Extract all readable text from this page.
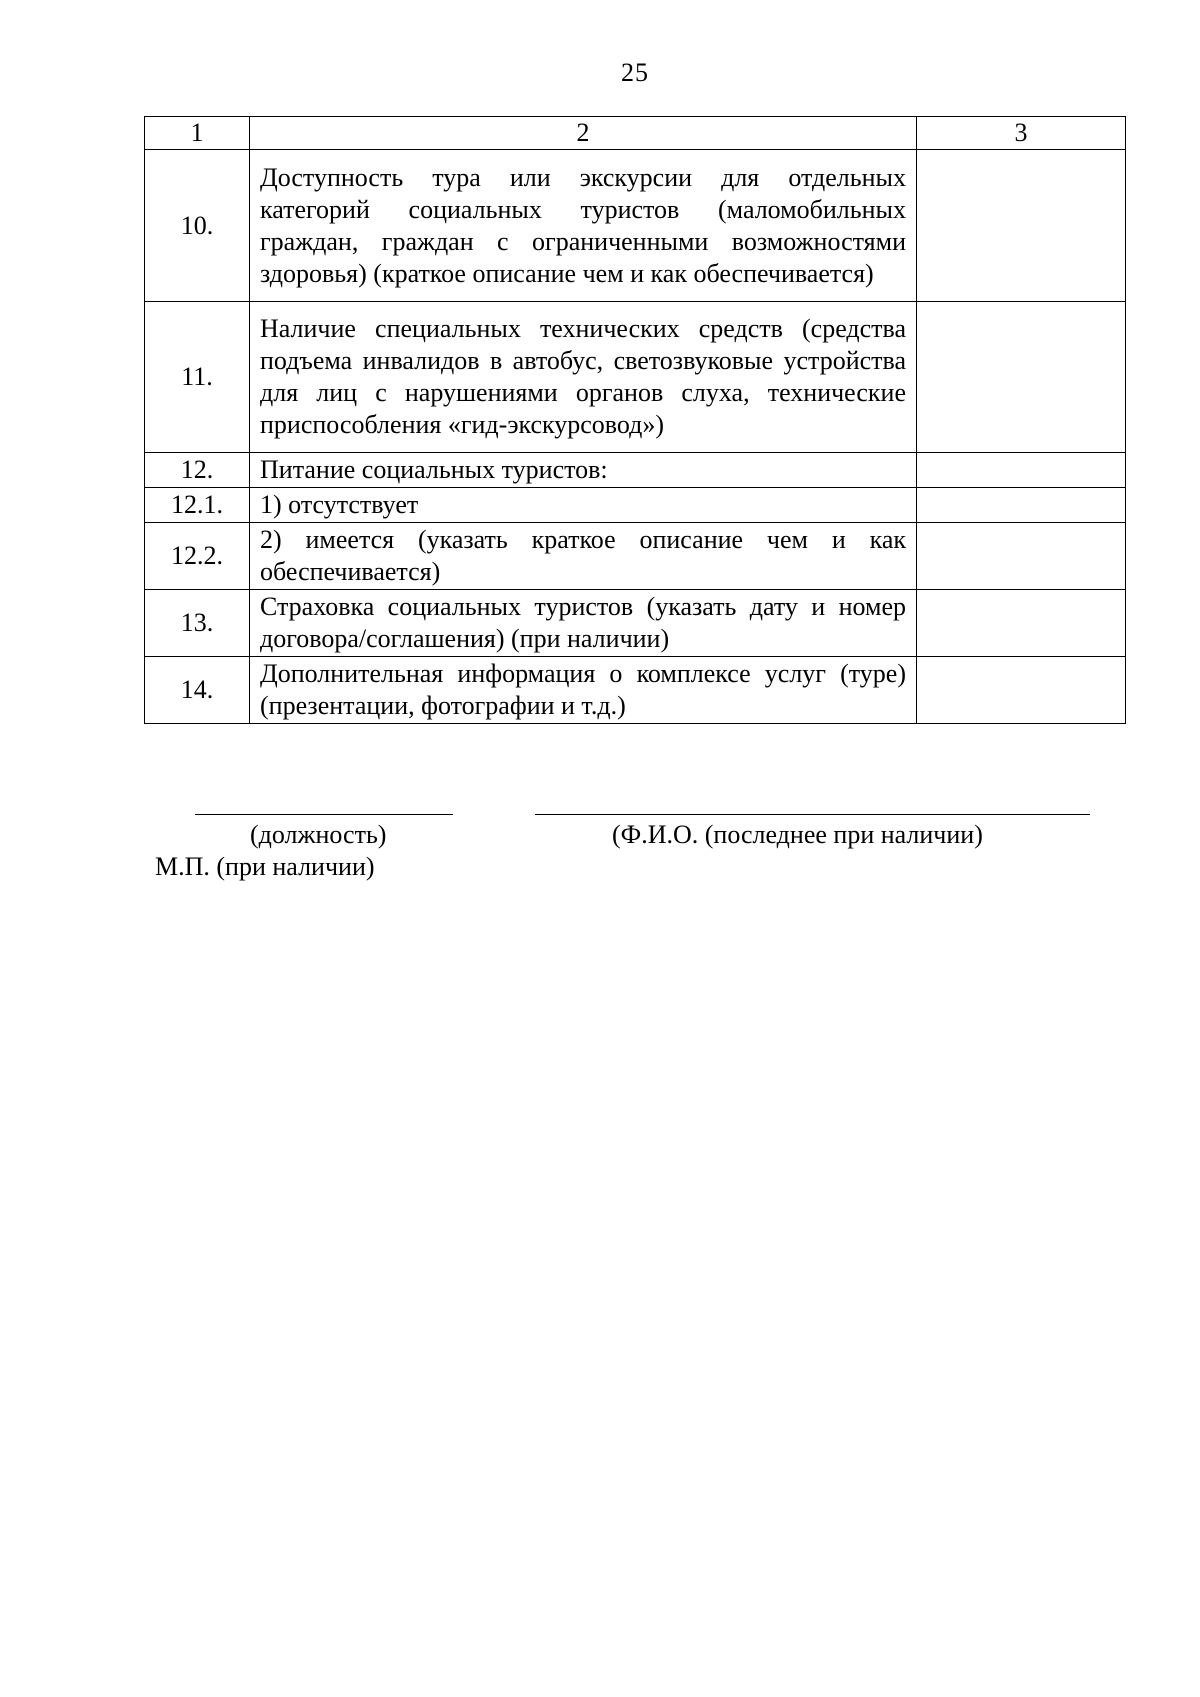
25
1	2	3
10.	Доступность тура или экскурсии для отдельных категорий социальных туристов (маломобильных граждан, граждан с ограниченными возможностями здоровья) (краткое описание чем и как обеспечивается)	
11.	Наличие специальных технических средств (средства подъема инвалидов в автобус, светозвуковые устройства для лиц с нарушениями органов слуха, технические приспособления «гид-экскурсовод»)	
12.	Питание социальных туристов:	
12.1.	1) отсутствует	
12.2.	2) имеется (указать краткое описание чем и как обеспечивается)	
13.	Страховка социальных туристов (указать дату и номер договора/соглашения) (при наличии)	
14.	Дополнительная информация о комплексе услуг (туре) (презентации, фотографии и т.д.)	
(должность)	(Ф.И.О. (последнее при наличии)
М.П. (при наличии)
